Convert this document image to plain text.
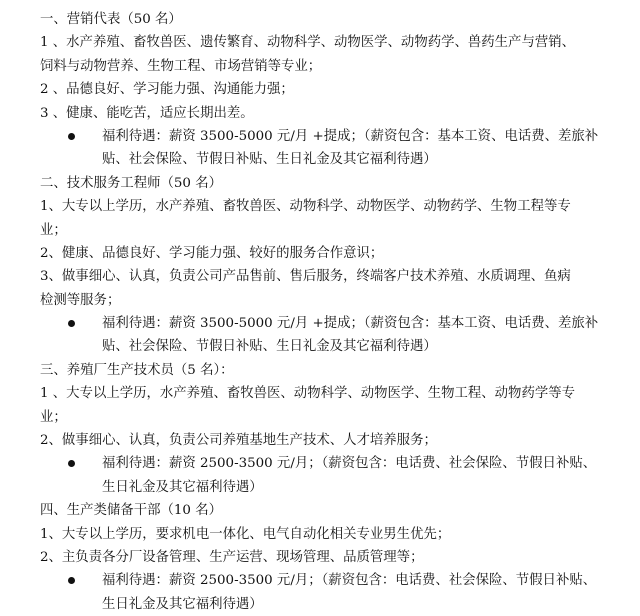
一、营销代表（50 名）
1 、水产养殖、畜牧兽医、遗传繁育、动物科学、动物医学、动物药学、兽药生产与营销、
饲料与动物营养、生物工程、市场营销等专业；
2 、品德良好、学习能力强、沟通能力强；
3 、健康、能吃苦，适应长期出差。
福利待遇：薪资 3500-5000 元/月 +提成；（薪资包含：基本工资、电话费、差旅补
贴、社会保险、节假日补贴、生日礼金及其它福利待遇）
二、技术服务工程师（50 名）
1、大专以上学历，水产养殖、畜牧兽医、动物科学、动物医学、动物药学、生物工程等专
业；
2、健康、品德良好、学习能力强、较好的服务合作意识；
3、做事细心、认真，负责公司产品售前、售后服务，终端客户技术养殖、水质调理、鱼病
检测等服务；
福利待遇：薪资 3500-5000 元/月 +提成；（薪资包含：基本工资、电话费、差旅补
贴、社会保险、节假日补贴、生日礼金及其它福利待遇）
三、养殖厂生产技术员（5 名）：
1 、大专以上学历，水产养殖、畜牧兽医、动物科学、动物医学、生物工程、动物药学等专
业；
2、做事细心、认真，负责公司养殖基地生产技术、人才培养服务；
福利待遇：薪资 2500-3500 元/月；（薪资包含：电话费、社会保险、节假日补贴、
生日礼金及其它福利待遇）
四、生产类储备干部（10 名）
1、大专以上学历，要求机电一体化、电气自动化相关专业男生优先；
2、主负责各分厂设备管理、生产运营、现场管理、品质管理等；
福利待遇：薪资 2500-3500 元/月；（薪资包含：电话费、社会保险、节假日补贴、
生日礼金及其它福利待遇）
